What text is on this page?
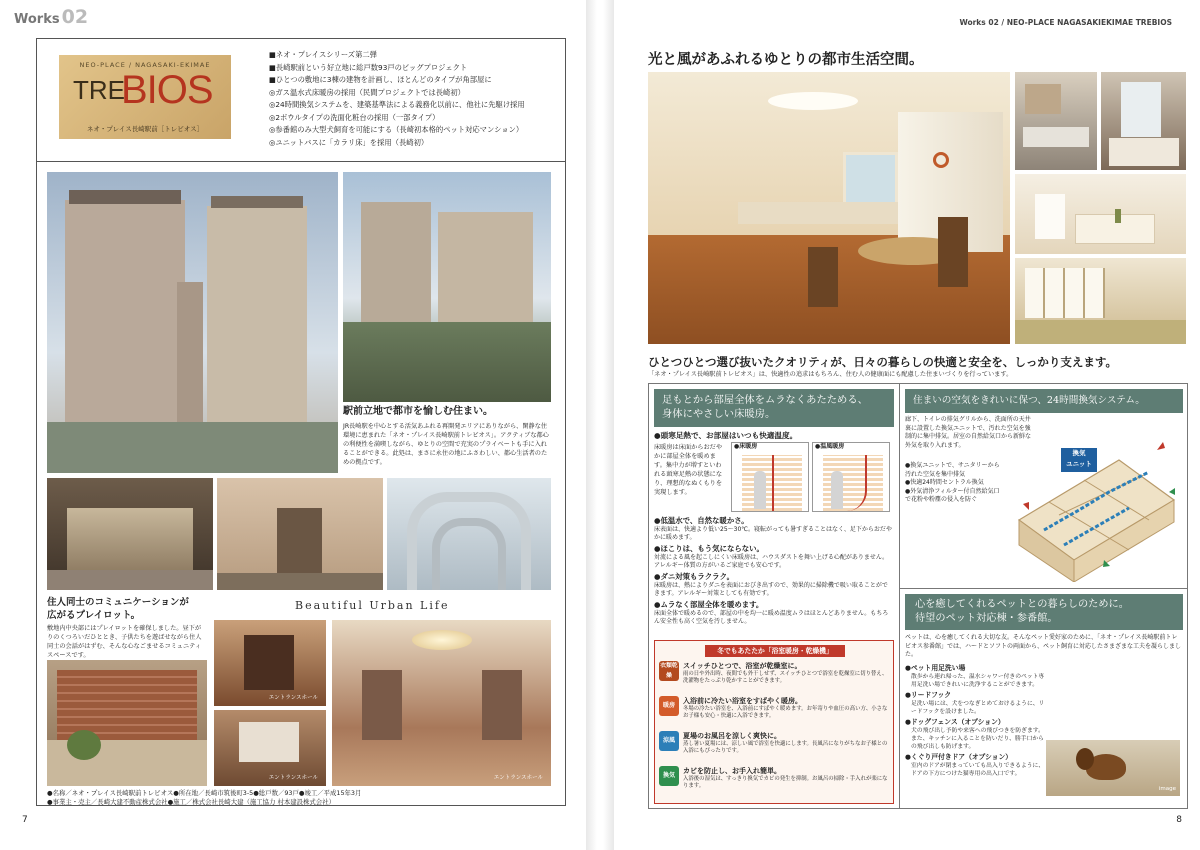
Works 02
NEO-PLACE / NAGASAKI-EKIMAE
TRE
BIOS
ネオ・プレイス長崎駅前［トレビオス］
■ネオ・プレイスシリーズ第二弾
■長崎駅前という好立地に総戸数93戸のビッグプロジェクト
■ひとつの敷地に3棟の建物を計画し、ほとんどのタイプが角部屋に
◎ガス温水式床暖房の採用（民間プロジェクトでは長崎初）
◎24時間換気システムを、建築基準法による義務化以前に、他社に先駆け採用
◎2ボウルタイプの洗面化粧台の採用（一部タイプ）
◎参番館のみ大型犬飼育を可能にする（長崎初本格的ペット対応マンション）
◎ユニットバスに「カラリ床」を採用（長崎初）
駅前立地で都市を愉しむ住まい。
JR長崎駅を中心とする活気あふれる再開発エリアにありながら、閑静な住環境に恵まれた「ネオ・プレイス長崎駅前トレビオス」。アクティブな都心の利便性を満喫しながら、ゆとりの空間で充実のプライベートも手に入れることができる。此処は、まさに永住の地にふさわしい、都心生活者のための拠点です。
住人同士のコミュニケーションが
広がるプレイロット。
敷地内中央部にはプレイロットを確保しました。昼下がりのくつろいだひととき、子供たちを遊ばせながら住人同士の会話がはずむ、そんな心なごませるコミュニティスペースです。
Beautiful Urban Life
エントランスホール
エントランスホール	エントランスホール
●名称／ネオ・プレイス長崎駅前トレビオス●所在地／長崎市筑後町3-5●総戸数／93戸●竣工／平成15年3月
●事業主・売主／長崎大建不動産株式会社●施工／株式会社長崎大建（施工協力 村本建設株式会社）
7
Works 02 / NEO-PLACE NAGASAKIEKIMAE TREBIOS
光と風があふれるゆとりの都市生活空間。
ひとつひとつ選び抜いたクオリティが、日々の暮らしの快適と安全を、しっかり支えます。
「ネオ・プレイス長崎駅前トレビオス」は、快適性の追求はもちろん、住む人の健康面にも配慮した住まいづくりを行っています。
足もとから部屋全体をムラなくあたためる、
身体にやさしい床暖房。
●頭寒足熱で、お部屋はいつも快適温度。
床暖房は床面からおだやかに部屋全体を暖めます。集中力が増すといわれる頭寒足熱の状態になり、理想的なぬくもりを実現します。
●床暖房	●温風暖房
●低温水で、自然な暖かさ。
床表面は、快適より低い25〜30℃。寝転がっても暑すぎることはなく、足下からおだやかに暖めます。
●ほこりは、もう気にならない。
対流による風を起こしにくい床暖房は、ハウスダストを舞い上げる心配がありません。アレルギー体質の方がいるご家庭でも安心です。
●ダニ対策もラクラク。
床暖房は、熱によりダニを表面におびき出すので、効果的に掃除機で吸い取ることができます。アレルギー対策としても有効です。
●ムラなく部屋全体を暖めます。
床面全体で暖めるので、部屋の中を均一に暖め温度ムラはほとんどありません。もちろん安全性も高く空気を汚しません。
冬でもあたたか「浴室暖房・乾燥機」
衣類乾燥
スイッチひとつで、浴室が乾燥室に。
雨の日や外出時、夜間でも外干しせず、スイッチひとつで浴室を乾燥室に切り替え、洗濯物をたっぷり乾かすことができます。
暖房
入浴前に冷たい浴室をすばやく暖房。
冬場の冷たい浴室を、入浴前にすばやく暖めます。お年寄りや血圧の高い方、小さなお子様も安心・快適に入浴できます。
涼風
夏場のお風呂を涼しく爽快に。
蒸し暑い夏場には、涼しい風で浴室を快適にします。長風呂になりがちなお子様との入浴にもぴったりです。
換気
カビを防止し、お手入れ簡単。
入浴後の湿気は、すっきり換気でカビの発生を抑制。お風呂の掃除・手入れが楽になります。
住まいの空気をきれいに保つ、24時間換気システム。
廊下、トイレの排気グリルから、洗面所の天井裏に設置した換気ユニットで、汚れた空気を強制的に集中排気。居室の自然給気口から新鮮な外気を取り入れます。
●換気ユニットで、サニタリーから汚れた空気を集中排気
●快適24時間セントラル換気
●外気清浄フィルター付自然給気口で花粉や粉塵の侵入を防ぐ
換気
ユニット
心を癒してくれるペットとの暮らしのために。
待望のペット対応棟・参番館。
ペットは、心を癒してくれる大切な友。そんなペット愛好家のために、「ネオ・プレイス長崎駅前トレビオス参番館」では、ハードとソフトの両面から、ペット飼育に対応したさまざまな工夫を凝らしました。
●ペット用足洗い場
散歩から連れ帰った、温水シャワー付きのペット専用足洗い場できれいに洗浄することができます。
●リードフック
足洗い場には、犬をつなぎとめておけるように、リードフックを設けました。
●ドッグフェンス（オプション）
犬の飛び出し予防や来客への飛びつきを防ぎます。また、キッチンに入ることを防いだり、勝手口からの飛び出しも防げます。
●くぐり戸付きドア（オプション）
室内のドアが閉まっていても出入りできるように、ドアの下方につけた猫専用の出入口です。
image
8
